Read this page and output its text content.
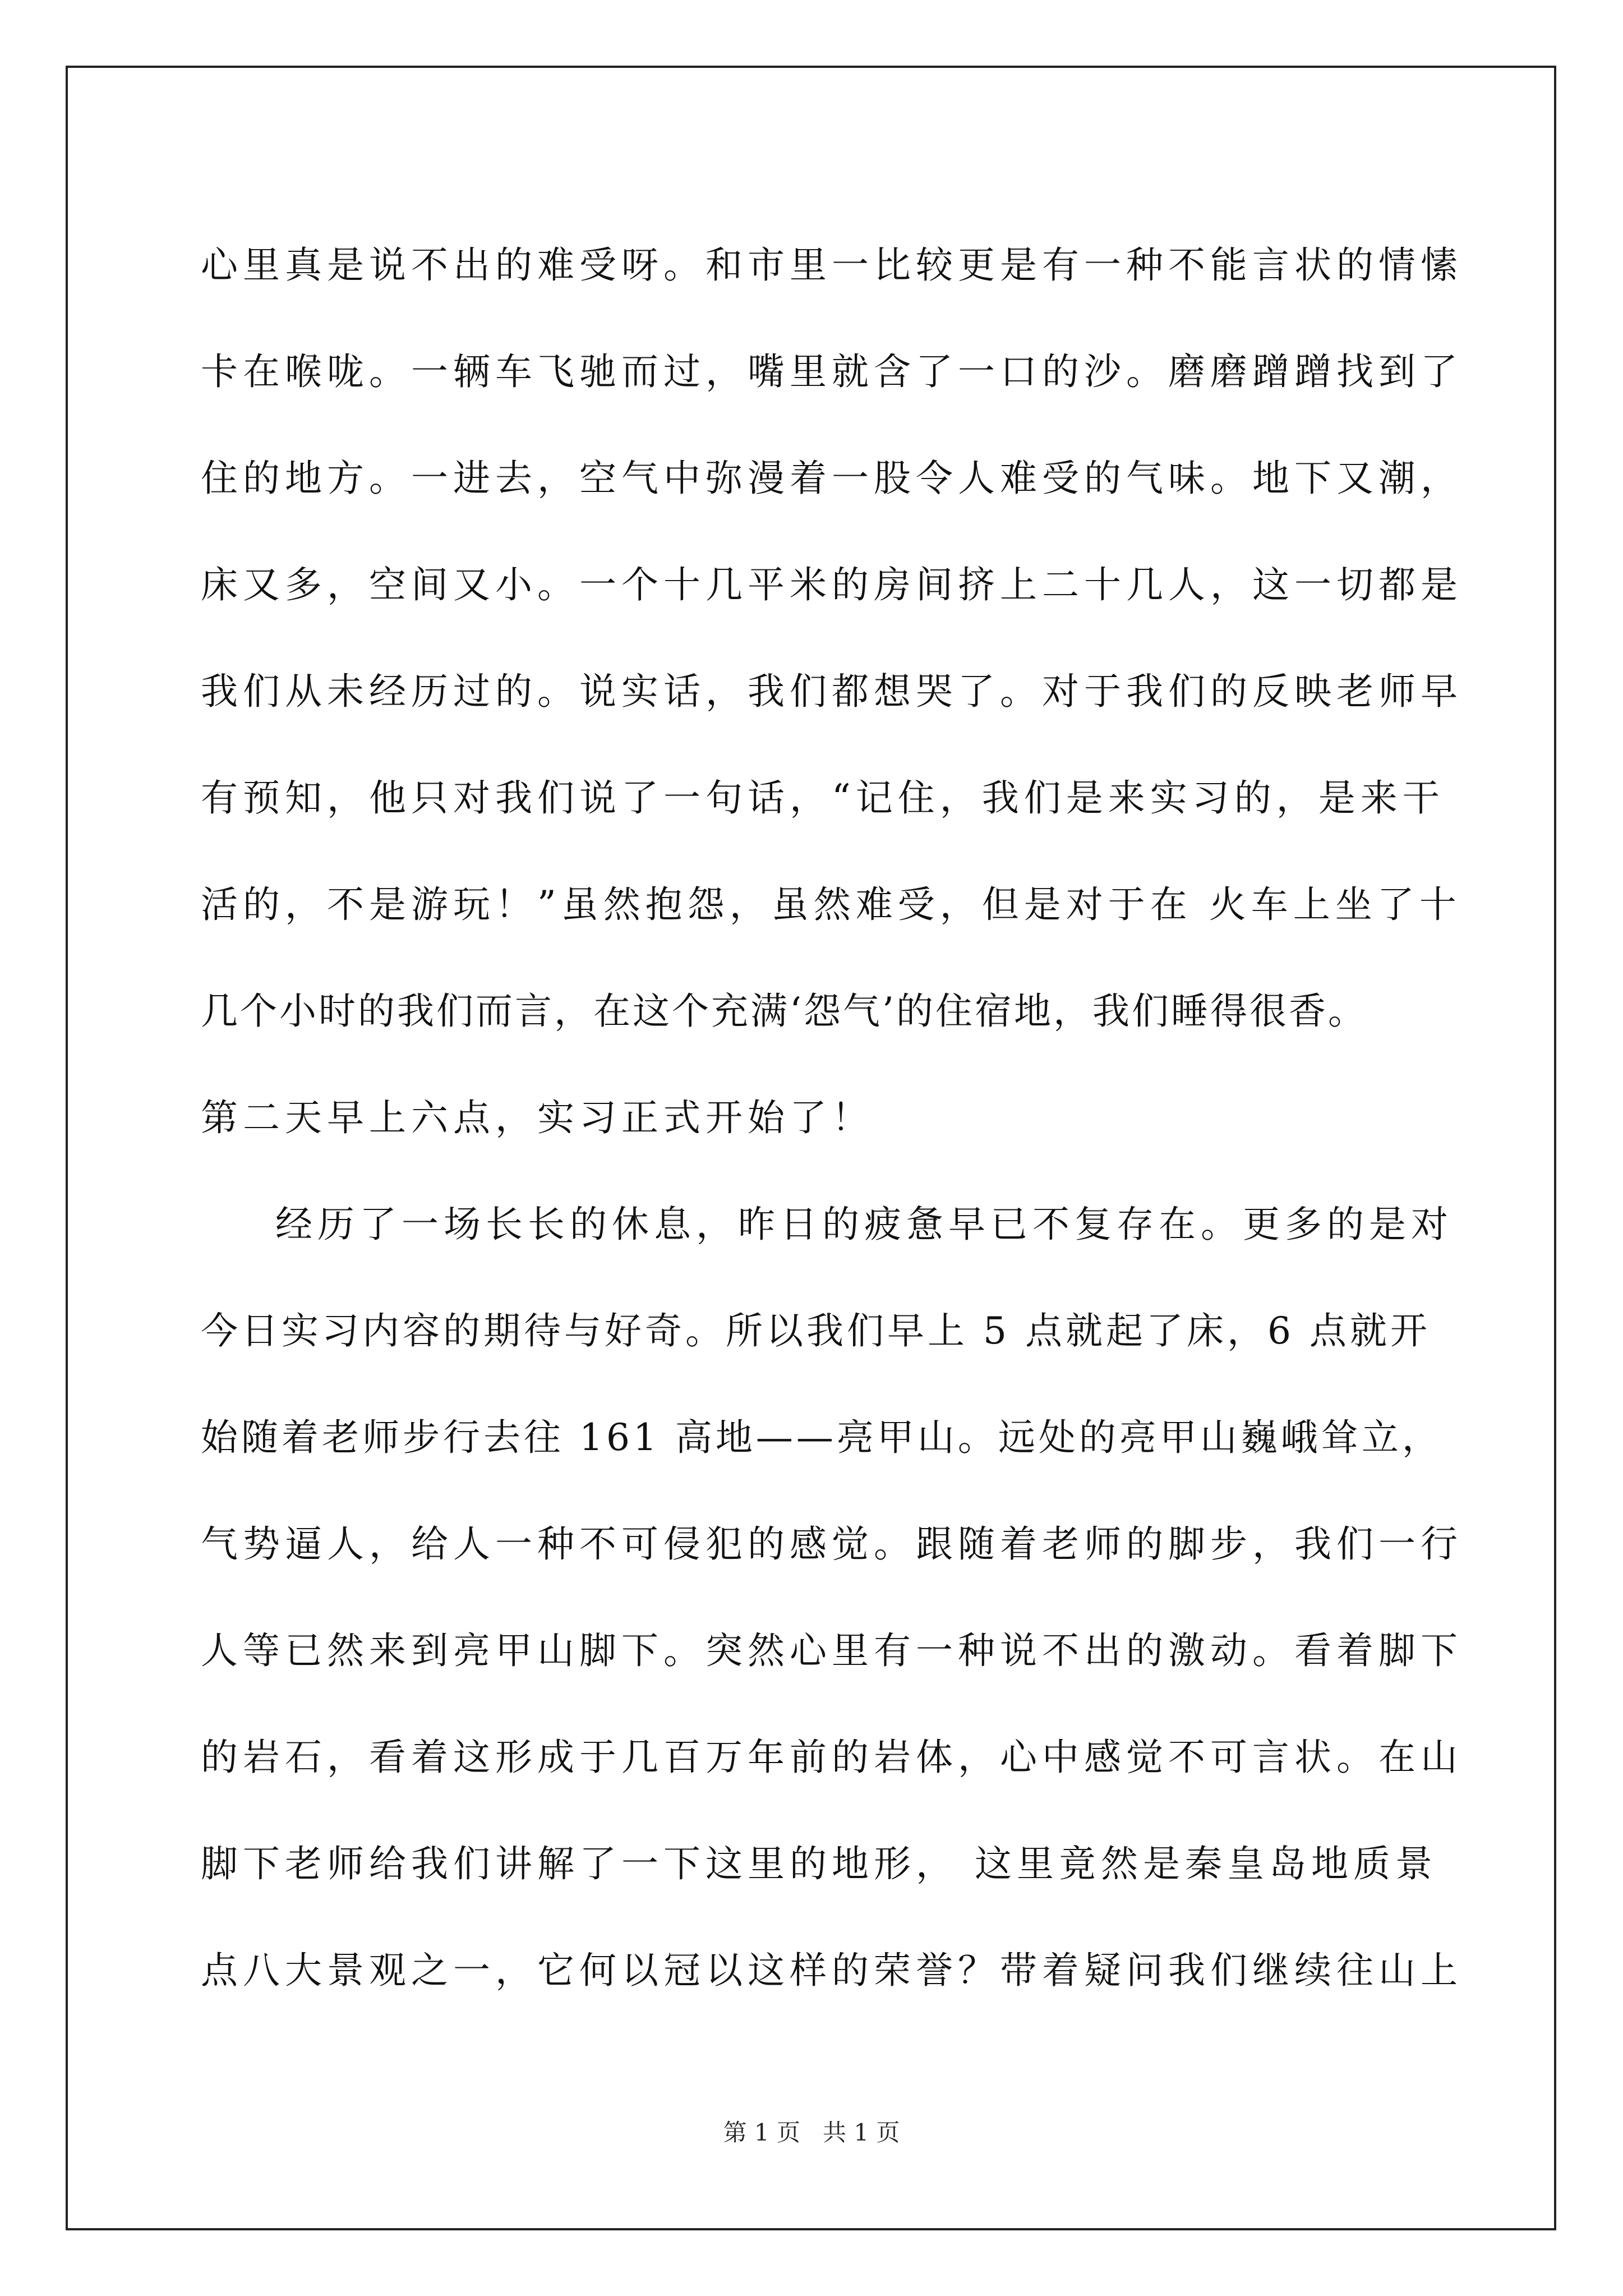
心里真是说不出的难受呀。和市里一比较更是有一种不能言状的情愫
卡在喉咙。一辆车飞驰而过，嘴里就含了一口的沙。磨磨蹭蹭找到了
住的地方。一进去，空气中弥漫着一股令人难受的气味。地下又潮，
床又多，空间又小。一个十几平米的房间挤上二十几人，这一切都是
我们从未经历过的。说实话，我们都想哭了。对于我们的反映老师早
有预知，他只对我们说了一句话，“记住，我们是来实习的，是来干
活的，不是游玩！”虽然抱怨，虽然难受，但是对于在 火车上坐了十
几个小时的我们而言，在这个充满‘怨气’的住宿地，我们睡得很香。
第二天早上六点，实习正式开始了！
经历了一场长长的休息，昨日的疲惫早已不复存在。更多的是对
今日实习内容的期待与好奇。所以我们早上 5 点就起了床，6 点就开
始随着老师步行去往 161 高地——亮甲山。远处的亮甲山巍峨耸立，
气势逼人，给人一种不可侵犯的感觉。跟随着老师的脚步，我们一行
人等已然来到亮甲山脚下。突然心里有一种说不出的激动。看着脚下
的岩石，看着这形成于几百万年前的岩体，心中感觉不可言状。在山
脚下老师给我们讲解了一下这里的地形， 这里竟然是秦皇岛地质景
点八大景观之一，它何以冠以这样的荣誉？带着疑问我们继续往山上
第 1 页 共 1 页
